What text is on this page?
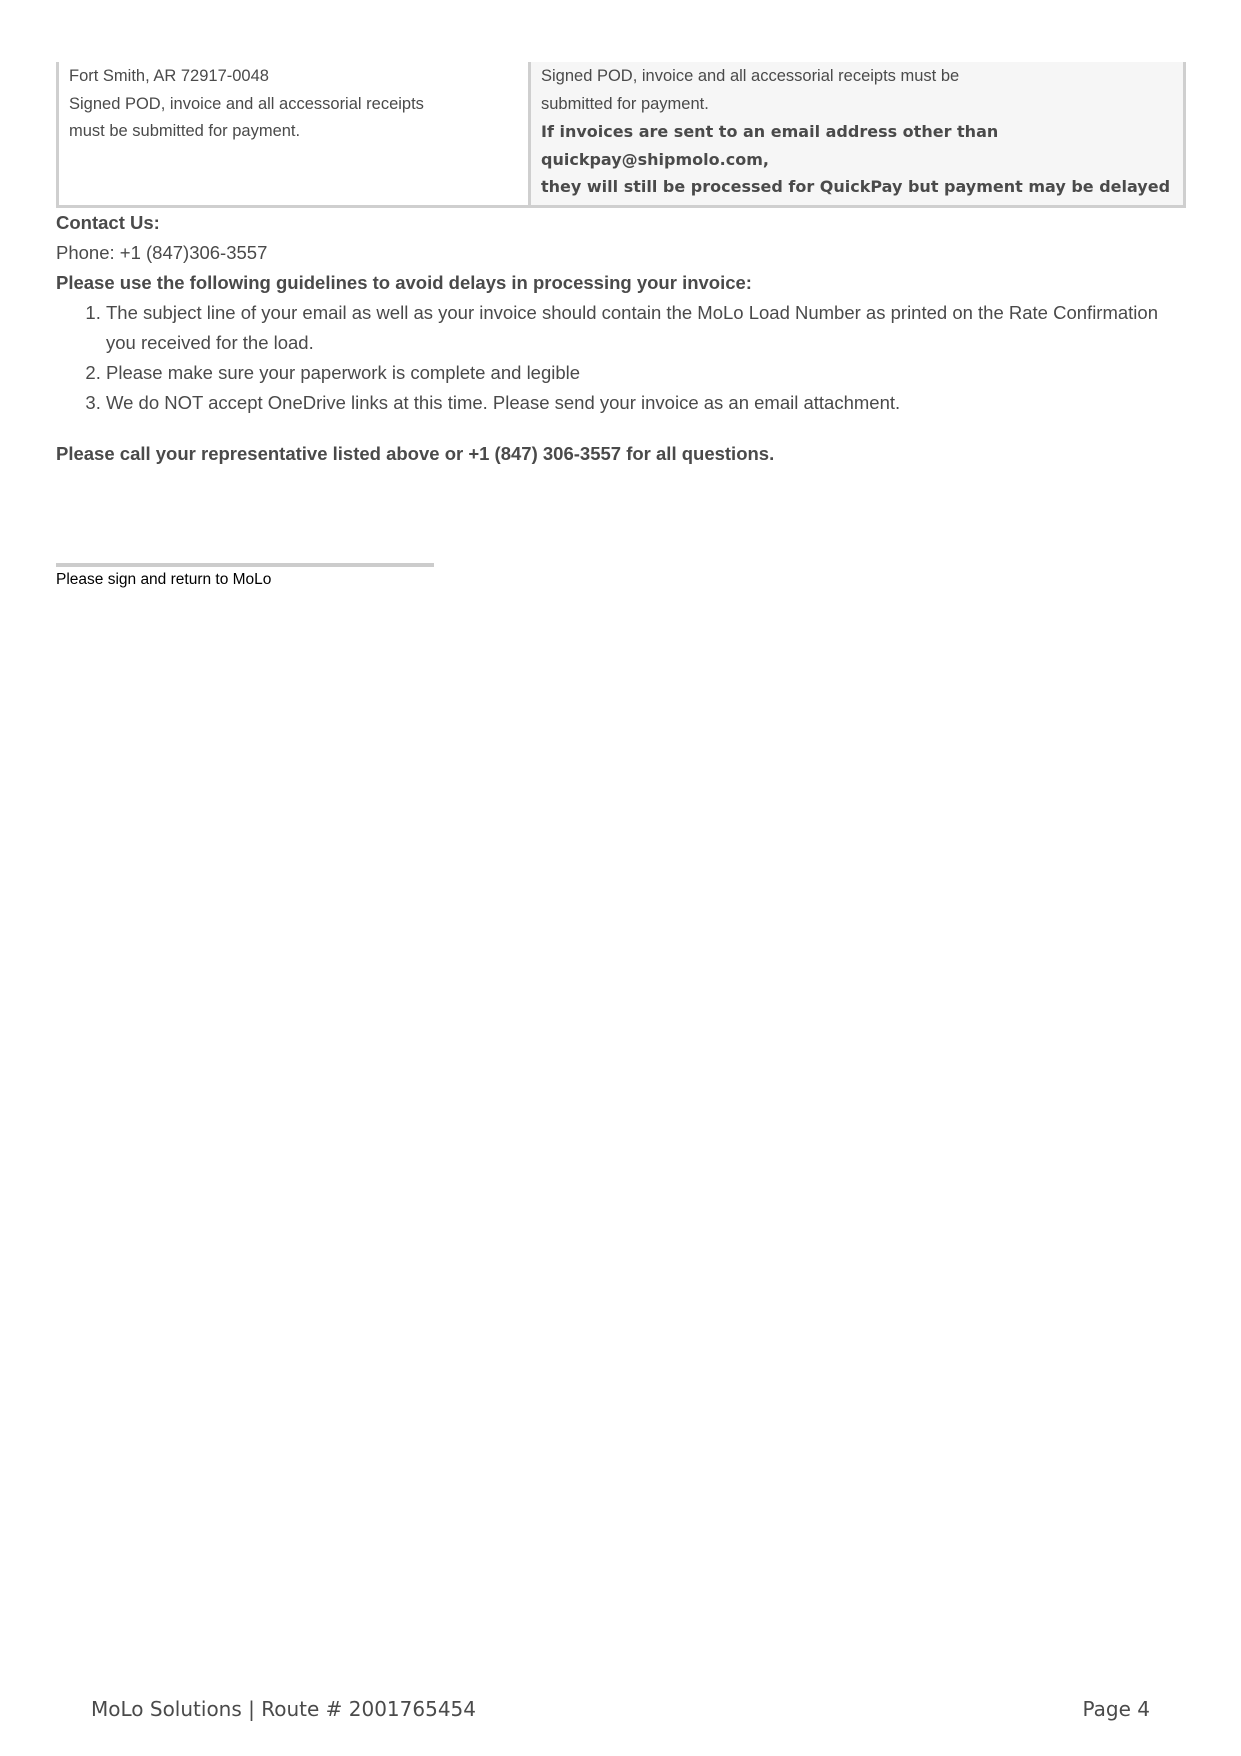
Fort Smith, AR 72917-0048
Signed POD, invoice and all accessorial receipts
must be submitted for payment.

Signed POD, invoice and all accessorial receipts must be
submitted for payment.
If invoices are sent to an email address other than quickpay@shipmolo.com,
they will still be processed for QuickPay but payment may be delayed
Contact Us:
Phone: +1 (847)306-3557
Please use the following guidelines to avoid delays in processing your invoice:
1. The subject line of your email as well as your invoice should contain the MoLo Load Number as printed on the Rate Confirmation you received for the load.
2. Please make sure your paperwork is complete and legible
3. We do NOT accept OneDrive links at this time. Please send your invoice as an email attachment.
Please call your representative listed above or +1 (847) 306-3557 for all questions.
Please sign and return to MoLo
MoLo Solutions | Route # 2001765454	Page 4
